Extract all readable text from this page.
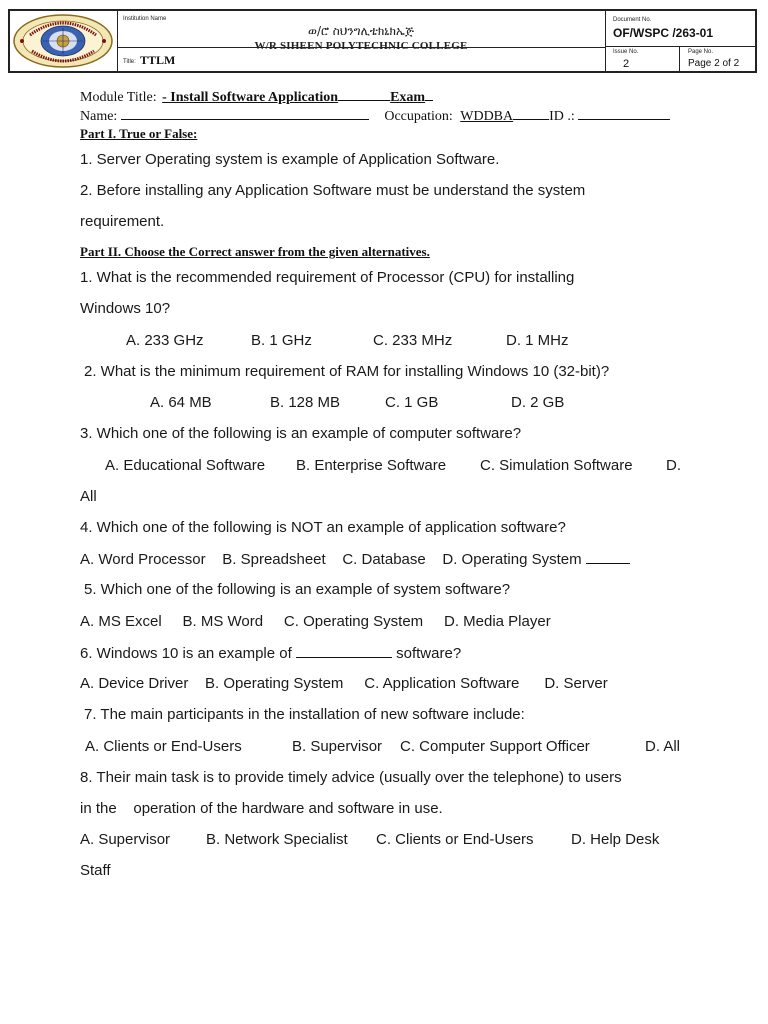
Institution Name
ወ/ሮ ስህንግሊቴክኒክኤጅ
W/R SIHEEN POLYTECHNIC COLLEGE
Title: TTLM
Document No.
OF/WSPC /263-01
Issue No.
2
Page No.
Page 2 of 2
Module Title: - Install Software Application	Exam
Name:	Occupation: WDDBA	ID .:
Part I. True or False:
1. Server Operating system is example of Application Software.
2. Before installing any Application Software must be understand the system
requirement.
Part II. Choose the Correct answer from the given alternatives.
1. What is the recommended requirement of Processor (CPU) for installing
Windows 10?
A. 233 GHz	B. 1 GHz	C. 233 MHz	D. 1 MHz
2. What is the minimum requirement of RAM for installing Windows 10 (32-bit)?
A. 64 MB	B. 128 MB	C. 1 GB	D. 2 GB
3. Which one of the following is an example of computer software?
A. Educational Software B. Enterprise Software C. Simulation Software D.
All
4. Which one of the following is NOT an example of application software?
A. Word Processor    B. Spreadsheet    C. Database    D. Operating System
5. Which one of the following is an example of system software?
A. MS Excel     B. MS Word     C. Operating System     D. Media Player
6. Windows 10 is an example of	software?
A. Device Driver    B. Operating System     C. Application Software      D. Server
7. The main participants in the installation of new software include:
A. Clients or End-Users	B. Supervisor C. Computer Support Officer	D. All
8. Their main task is to provide timely advice (usually over the telephone) to users
in the    operation of the hardware and software in use.
A. Supervisor B. Network Specialist C. Clients or End-Users D. Help Desk
Staff
